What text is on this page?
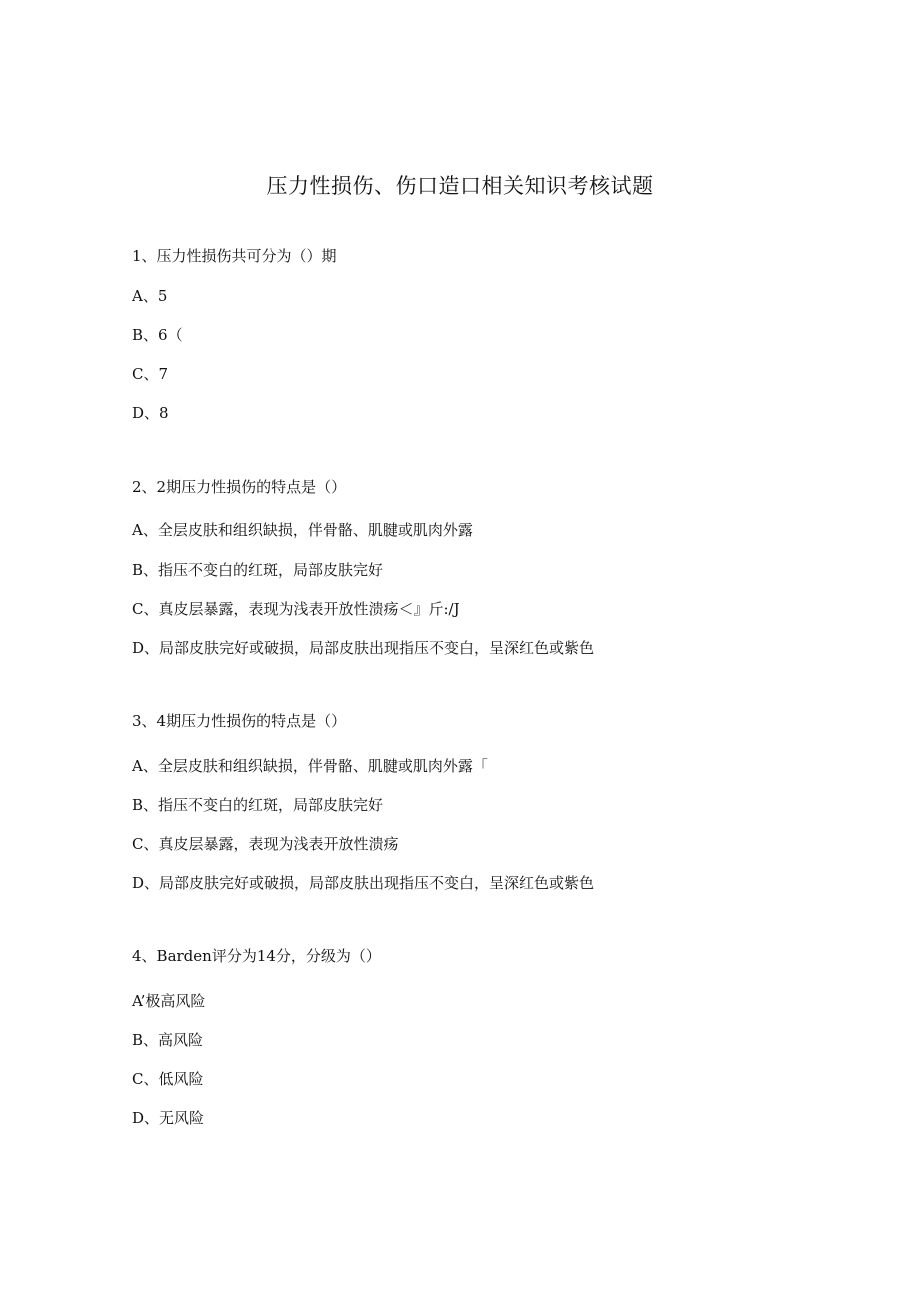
压力性损伤、伤口造口相关知识考核试题

1、压力性损伤共可分为（）期

A、5

B、6（

C、7

D、8

2、2期压力性损伤的特点是（）

A、全层皮肤和组织缺损，伴骨骼、肌腱或肌肉外露

B、指压不变白的红斑，局部皮肤完好

C、真皮层暴露，表现为浅表开放性溃疡＜』斤:/J

D、局部皮肤完好或破损，局部皮肤出现指压不变白，呈深红色或紫色

3、4期压力性损伤的特点是（）

A、全层皮肤和组织缺损，伴骨骼、肌腱或肌肉外露「

B、指压不变白的红斑，局部皮肤完好

C、真皮层暴露，表现为浅表开放性溃疡

D、局部皮肤完好或破损，局部皮肤出现指压不变白，呈深红色或紫色

4、Barden评分为14分，分级为（）

A’极高风险

B、高风险

C、低风险

D、无风险
